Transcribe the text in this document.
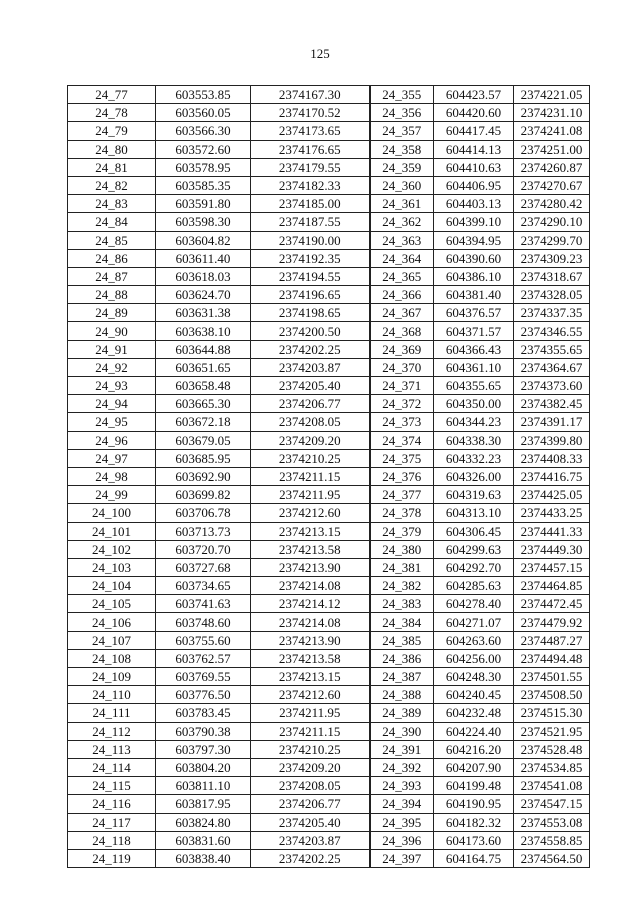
125
24_77	603553.85	2374167.30	24_355	604423.57	2374221.05
24_78	603560.05	2374170.52	24_356	604420.60	2374231.10
24_79	603566.30	2374173.65	24_357	604417.45	2374241.08
24_80	603572.60	2374176.65	24_358	604414.13	2374251.00
24_81	603578.95	2374179.55	24_359	604410.63	2374260.87
24_82	603585.35	2374182.33	24_360	604406.95	2374270.67
24_83	603591.80	2374185.00	24_361	604403.13	2374280.42
24_84	603598.30	2374187.55	24_362	604399.10	2374290.10
24_85	603604.82	2374190.00	24_363	604394.95	2374299.70
24_86	603611.40	2374192.35	24_364	604390.60	2374309.23
24_87	603618.03	2374194.55	24_365	604386.10	2374318.67
24_88	603624.70	2374196.65	24_366	604381.40	2374328.05
24_89	603631.38	2374198.65	24_367	604376.57	2374337.35
24_90	603638.10	2374200.50	24_368	604371.57	2374346.55
24_91	603644.88	2374202.25	24_369	604366.43	2374355.65
24_92	603651.65	2374203.87	24_370	604361.10	2374364.67
24_93	603658.48	2374205.40	24_371	604355.65	2374373.60
24_94	603665.30	2374206.77	24_372	604350.00	2374382.45
24_95	603672.18	2374208.05	24_373	604344.23	2374391.17
24_96	603679.05	2374209.20	24_374	604338.30	2374399.80
24_97	603685.95	2374210.25	24_375	604332.23	2374408.33
24_98	603692.90	2374211.15	24_376	604326.00	2374416.75
24_99	603699.82	2374211.95	24_377	604319.63	2374425.05
24_100	603706.78	2374212.60	24_378	604313.10	2374433.25
24_101	603713.73	2374213.15	24_379	604306.45	2374441.33
24_102	603720.70	2374213.58	24_380	604299.63	2374449.30
24_103	603727.68	2374213.90	24_381	604292.70	2374457.15
24_104	603734.65	2374214.08	24_382	604285.63	2374464.85
24_105	603741.63	2374214.12	24_383	604278.40	2374472.45
24_106	603748.60	2374214.08	24_384	604271.07	2374479.92
24_107	603755.60	2374213.90	24_385	604263.60	2374487.27
24_108	603762.57	2374213.58	24_386	604256.00	2374494.48
24_109	603769.55	2374213.15	24_387	604248.30	2374501.55
24_110	603776.50	2374212.60	24_388	604240.45	2374508.50
24_111	603783.45	2374211.95	24_389	604232.48	2374515.30
24_112	603790.38	2374211.15	24_390	604224.40	2374521.95
24_113	603797.30	2374210.25	24_391	604216.20	2374528.48
24_114	603804.20	2374209.20	24_392	604207.90	2374534.85
24_115	603811.10	2374208.05	24_393	604199.48	2374541.08
24_116	603817.95	2374206.77	24_394	604190.95	2374547.15
24_117	603824.80	2374205.40	24_395	604182.32	2374553.08
24_118	603831.60	2374203.87	24_396	604173.60	2374558.85
24_119	603838.40	2374202.25	24_397	604164.75	2374564.50
